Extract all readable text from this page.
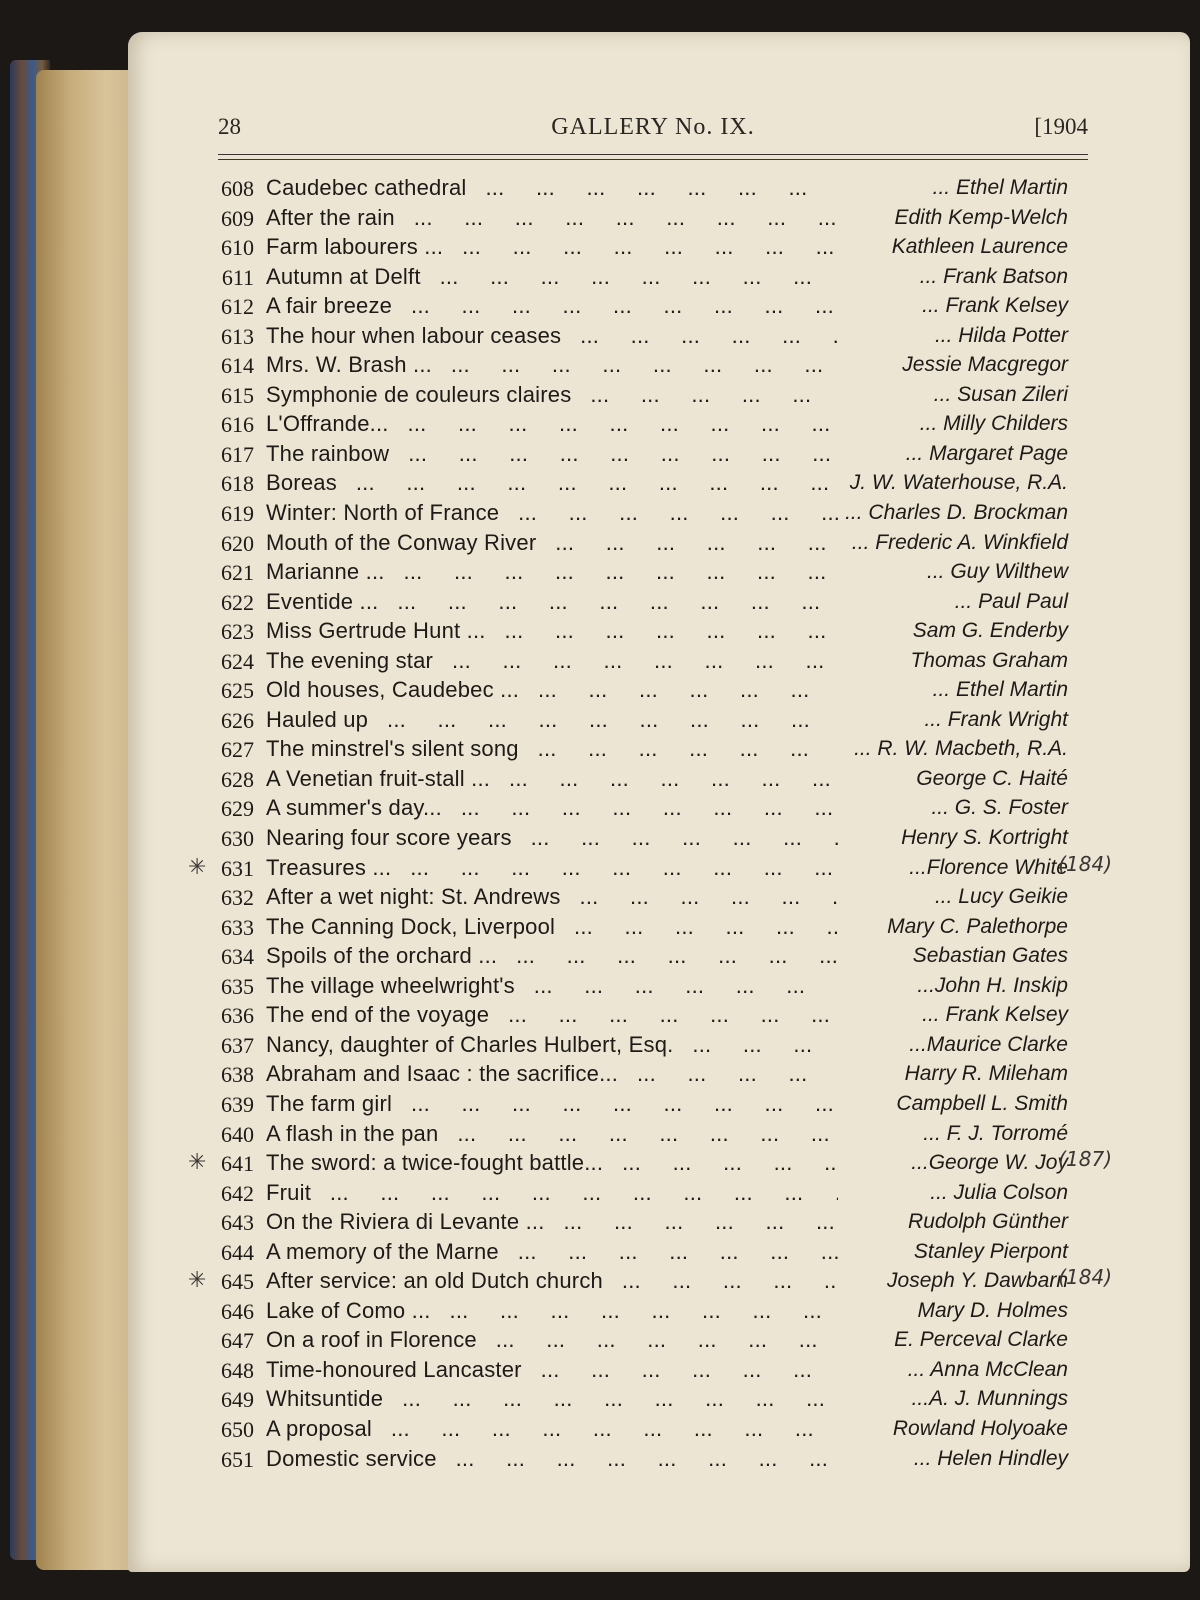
28	GALLERY No. IX.	[1904
608 Caudebec cathedral ...	... Ethel Martin
609 After the rain ...	Edith Kemp-Welch
610 Farm labourers ... ...	Kathleen Laurence
611 Autumn at Delft ...	... Frank Batson
612 A fair breeze ...	... Frank Kelsey
613 The hour when labour ceases ...	... Hilda Potter
614 Mrs. W. Brash ... ...	Jessie Macgregor
615 Symphonie de couleurs claires ...	... Susan Zileri
616 L'Offrande... ...	... Milly Childers
617 The rainbow ...	... Margaret Page
618 Boreas ...	J. W. Waterhouse, R.A.
619 Winter: North of France ...	... Charles D. Brockman
620 Mouth of the Conway River ...	... Frederic A. Winkfield
621 Marianne ... ...	... Guy Wilthew
622 Eventide ... ...	... Paul Paul
623 Miss Gertrude Hunt ... ...	Sam G. Enderby
624 The evening star ...	Thomas Graham
625 Old houses, Caudebec ... ...	... Ethel Martin
626 Hauled up ...	... Frank Wright
627 The minstrel's silent song ...	... R. W. Macbeth, R.A.
628 A Venetian fruit-stall ... ...	George C. Haité
629 A summer's day... ...	... G. S. Foster
630 Nearing four score years ...	Henry S. Kortright
✳ 631 Treasures ... ...	...Florence White
(184)
632 After a wet night: St. Andrews ...	... Lucy Geikie
633 The Canning Dock, Liverpool ...	Mary C. Palethorpe
634 Spoils of the orchard ... ...	Sebastian Gates
635 The village wheelwright's ...	...John H. Inskip
636 The end of the voyage ...	... Frank Kelsey
637 Nancy, daughter of Charles Hulbert, Esq. ...	...Maurice Clarke
638 Abraham and Isaac : the sacrifice... ...	Harry R. Mileham
639 The farm girl ...	Campbell L. Smith
640 A flash in the pan ...	... F. J. Torromé
✳ 641 The sword: a twice-fought battle... ...	...George W. Joy
(187)
642 Fruit ...	... Julia Colson
643 On the Riviera di Levante ... ...	Rudolph Günther
644 A memory of the Marne ...	Stanley Pierpont
✳ 645 After service: an old Dutch church ...	Joseph Y. Dawbarn
(184)
646 Lake of Como ... ...	Mary D. Holmes
647 On a roof in Florence ...	E. Perceval Clarke
648 Time-honoured Lancaster ...	... Anna McClean
649 Whitsuntide ...	...A. J. Munnings
650 A proposal ...	Rowland Holyoake
651 Domestic service ...	... Helen Hindley
